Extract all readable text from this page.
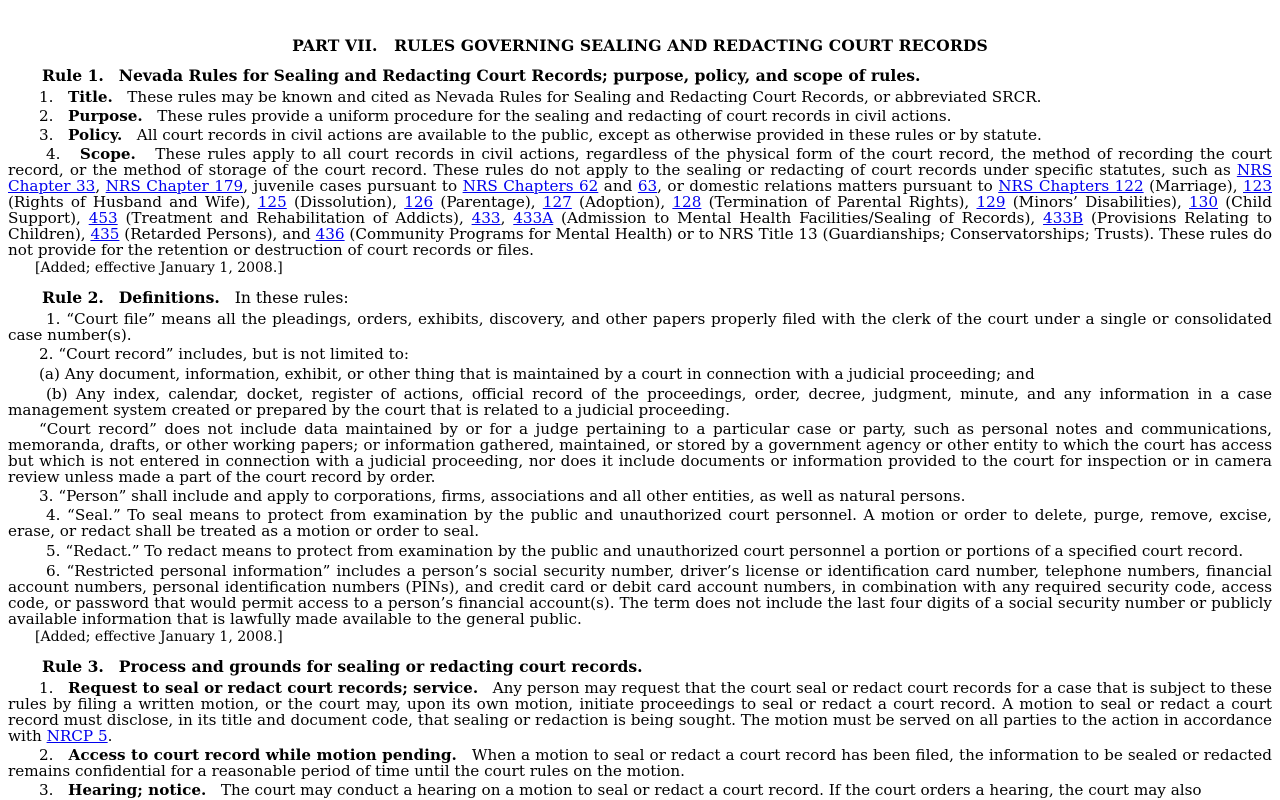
PART VII.   RULES GOVERNING SEALING AND REDACTING COURT RECORDS
Rule 1. Nevada Rules for Sealing and Redacting Court Records; purpose, policy, and scope of rules.

1. Title. These rules may be known and cited as Nevada Rules for Sealing and Redacting Court Records, or abbreviated SRCR.

2. Purpose. These rules provide a uniform procedure for the sealing and redacting of court records in civil actions.

3. Policy. All court records in civil actions are available to the public, except as otherwise provided in these rules or by statute.

4. Scope. These rules apply to all court records in civil actions, regardless of the physical form of the court record, the method of recording the court record, or the method of storage of the court record. These rules do not apply to the sealing or redacting of court records under specific statutes, such as NRS Chapter 33, NRS Chapter 179, juvenile cases pursuant to NRS Chapters 62 and 63, or domestic relations matters pursuant to NRS Chapters 122 (Marriage), 123 (Rights of Husband and Wife), 125 (Dissolution), 126 (Parentage), 127 (Adoption), 128 (Termination of Parental Rights), 129 (Minors’ Disabilities), 130 (Child Support), 453 (Treatment and Rehabilitation of Addicts), 433, 433A (Admission to Mental Health Facilities/Sealing of Records), 433B (Provisions Relating to Children), 435 (Retarded Persons), and 436 (Community Programs for Mental Health) or to NRS Title 13 (Guardianships; Conservatorships; Trusts). These rules do not provide for the retention or destruction of court records or files.

[Added; effective January 1, 2008.]
Rule 2. Definitions. In these rules:

1. “Court file” means all the pleadings, orders, exhibits, discovery, and other papers properly filed with the clerk of the court under a single or consolidated case number(s).

2. “Court record” includes, but is not limited to:

(a) Any document, information, exhibit, or other thing that is maintained by a court in connection with a judicial proceeding; and

(b) Any index, calendar, docket, register of actions, official record of the proceedings, order, decree, judgment, minute, and any information in a case management system created or prepared by the court that is related to a judicial proceeding.

“Court record” does not include data maintained by or for a judge pertaining to a particular case or party, such as personal notes and communications, memoranda, drafts, or other working papers; or information gathered, maintained, or stored by a government agency or other entity to which the court has access but which is not entered in connection with a judicial proceeding, nor does it include documents or information provided to the court for inspection or in camera review unless made a part of the court record by order.

3. “Person” shall include and apply to corporations, firms, associations and all other entities, as well as natural persons.

4. “Seal.” To seal means to protect from examination by the public and unauthorized court personnel. A motion or order to delete, purge, remove, excise, erase, or redact shall be treated as a motion or order to seal.

5. “Redact.” To redact means to protect from examination by the public and unauthorized court personnel a portion or portions of a specified court record.

6. “Restricted personal information” includes a person’s social security number, driver’s license or identification card number, telephone numbers, financial account numbers, personal identification numbers (PINs), and credit card or debit card account numbers, in combination with any required security code, access code, or password that would permit access to a person’s financial account(s). The term does not include the last four digits of a social security number or publicly available information that is lawfully made available to the general public.

[Added; effective January 1, 2008.]
Rule 3. Process and grounds for sealing or redacting court records.

1. Request to seal or redact court records; service. Any person may request that the court seal or redact court records for a case that is subject to these rules by filing a written motion, or the court may, upon its own motion, initiate proceedings to seal or redact a court record. A motion to seal or redact a court record must disclose, in its title and document code, that sealing or redaction is being sought. The motion must be served on all parties to the action in accordance with NRCP 5.

2. Access to court record while motion pending. When a motion to seal or redact a court record has been filed, the information to be sealed or redacted remains confidential for a reasonable period of time until the court rules on the motion.

3. Hearing; notice. The court may conduct a hearing on a motion to seal or redact a court record. If the court orders a hearing, the court may also
